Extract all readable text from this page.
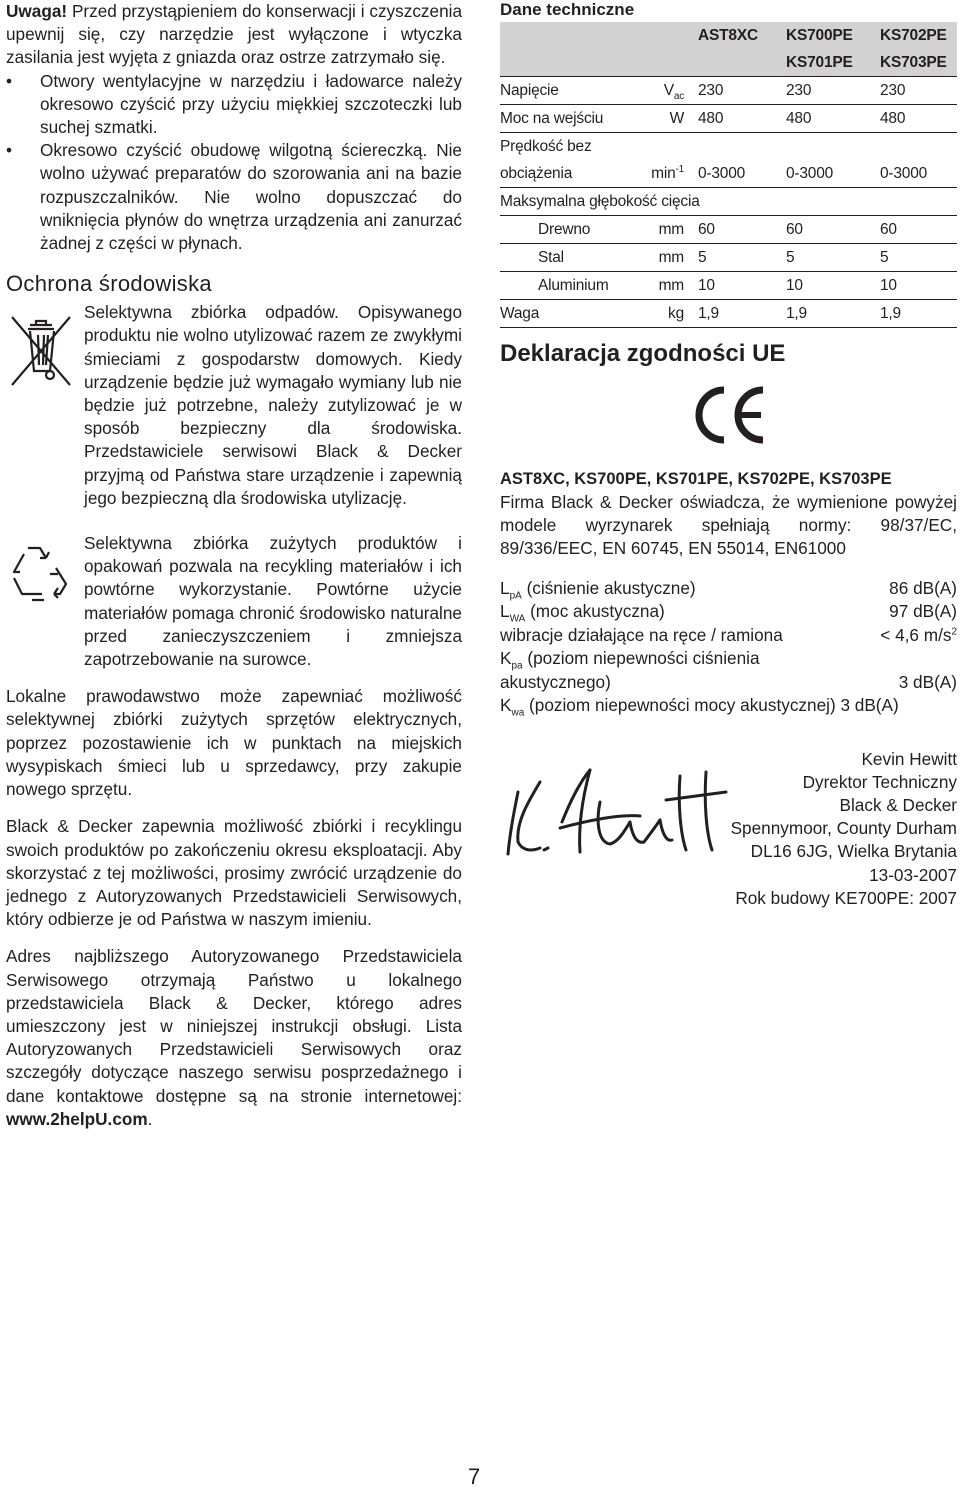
Uwaga! Przed przystąpieniem do konserwacji i czyszczenia upewnij się, czy narzędzie jest wyłączone i wtyczka zasilania jest wyjęta z gniazda oraz ostrze zatrzymało się.

• Otwory wentylacyjne w narzędziu i ładowarce należy okresowo czyścić przy użyciu miękkiej szczoteczki lub suchej szmatki.
• Okresowo czyścić obudowę wilgotną ściereczką. Nie wolno używać preparatów do szorowania ani na bazie rozpuszczalników. Nie wolno dopuszczać do wniknięcia płynów do wnętrza urządzenia ani zanurzać żadnej z części w płynach.
Ochrona środowiska

Selektywna zbiórka odpadów. Opisywanego produktu nie wolno utylizować razem ze zwykłymi śmieciami z gospodarstw domowych. Kiedy urządzenie będzie już wymagało wymiany lub nie będzie już potrzebne, należy zutylizować je w sposób bezpieczny dla środowiska. Przedstawiciele serwisowi Black & Decker przyjmą od Państwa stare urządzenie i zapewnią jego bezpieczną dla środowiska utylizację.

Selektywna zbiórka zużytych produktów i opakowań pozwala na recykling materiałów i ich powtórne wykorzystanie. Powtórne użycie materiałów pomaga chronić środowisko naturalne przed zanieczyszczeniem i zmniejsza zapotrzebowanie na surowce.

Lokalne prawodawstwo może zapewniać możliwość selektywnej zbiórki zużytych sprzętów elektrycznych, poprzez pozostawienie ich w punktach na miejskich wysypiskach śmieci lub u sprzedawcy, przy zakupie nowego sprzętu.

Black & Decker zapewnia możliwość zbiórki i recyklingu swoich produktów po zakończeniu okresu eksploatacji. Aby skorzystać z tej możliwości, prosimy zwrócić urządzenie do jednego z Autoryzowanych Przedstawicieli Serwisowych, który odbierze je od Państwa w naszym imieniu.

Adres najbliższego Autoryzowanego Przedstawiciela Serwisowego otrzymają Państwo u lokalnego przedstawiciela Black & Decker, którego adres umieszczony jest w niniejszej instrukcji obsługi. Lista Autoryzowanych Przedstawicieli Serwisowych oraz szczegóły dotyczące naszego serwisu posprzedażnego i dane kontaktowe dostępne są na stronie internetowej: www.2helpU.com.

Dane techniczne
		AST8XC	KS700PE	KS702PE
			KS701PE	KS703PE
Napięcie	$V_{ac}$	230	230	230
Moc na wejściu	W	480	480	480
Prędkość bez				
obciążenia	$\min^{-1}$	0-3000	0-3000	0-3000
Maksymalna głębokość cięcia				
Drewno	mm	60	60	60
Stal	mm	5	5	5
Aluminium	mm	10	10	10
Waga	kg	1,9	1,9	1,9
Deklaracja zgodności UE
AST8XC, KS700PE, KS701PE, KS702PE, KS703PE

Firma Black & Decker oświadcza, że wymienione powyżej modele wyrzynarek spełniają normy: 98/37/EC, 89/336/EEC, EN 60745, EN 55014, EN61000

$L_{pA}$ (ciśnienie akustyczne)	86 dB(A)
$L_{WA}$ (moc akustyczna)	97 dB(A)
wibracje działające na ręce / ramiona	< 4,6 $m/s^2$
$K_{pa}$ (poziom niepewności ciśnienia
akustycznego)	3 dB(A)
$K_{wa}$ (poziom niepewności mocy akustycznej) 3 dB(A)
Kevin Hewitt
Dyrektor Techniczny
Black & Decker
Spennymoor, County Durham
DL16 6JG, Wielka Brytania
13-03-2007
Rok budowy KE700PE: 2007
7
